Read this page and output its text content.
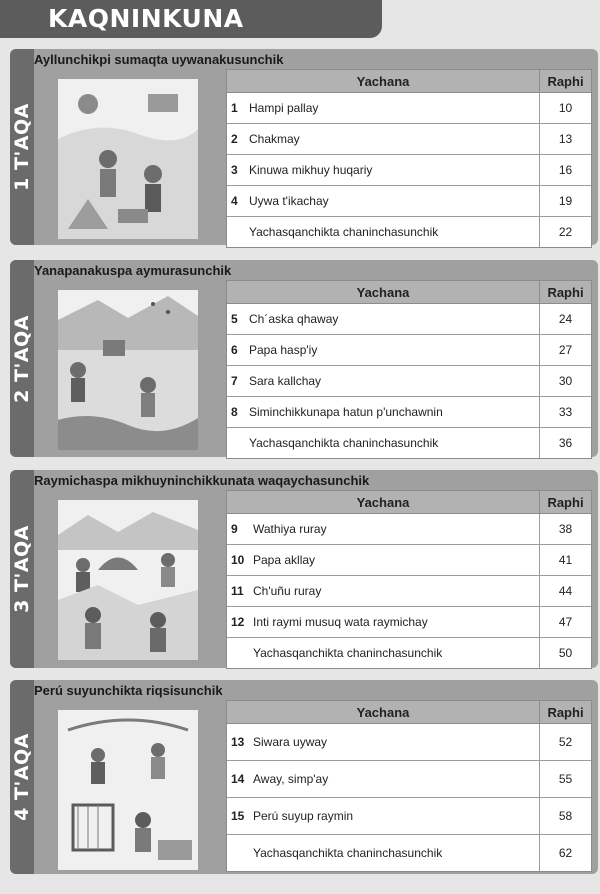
KAQNINKUNA
1 T'AQA
Ayllunchikpi sumaqta uywanakusunchik
Yachana	Raphi
1 Hampi pallay	10
2 Chakmay	13
3 Kinuwa mikhuy huqariy	16
4 Uywa t'ikachay	19
Yachasqanchikta chaninchasunchik	22
2 T'AQA
Yanapanakuspa aymurasunchik
Yachana	Raphi
5 Ch´aska qhaway	24
6 Papa hasp'iy	27
7 Sara kallchay	30
8 Siminchikkunapa hatun p'unchawnin	33
Yachasqanchikta chaninchasunchik	36
3 T'AQA
Raymichaspa mikhuyninchikkunata waqaychasunchik
Yachana	Raphi
9	Wathiya ruray	38
10 Papa akllay	41
11 Ch'uñu ruray	44
12 Inti raymi musuq wata raymichay	47
Yachasqanchikta chaninchasunchik	50
4 T'AQA
Perú suyunchikta riqsisunchik
Yachana	Raphi
13 Siwara uyway	52
14 Away, simp'ay	55
15 Perú suyup raymin	58
Yachasqanchikta chaninchasunchik	62
